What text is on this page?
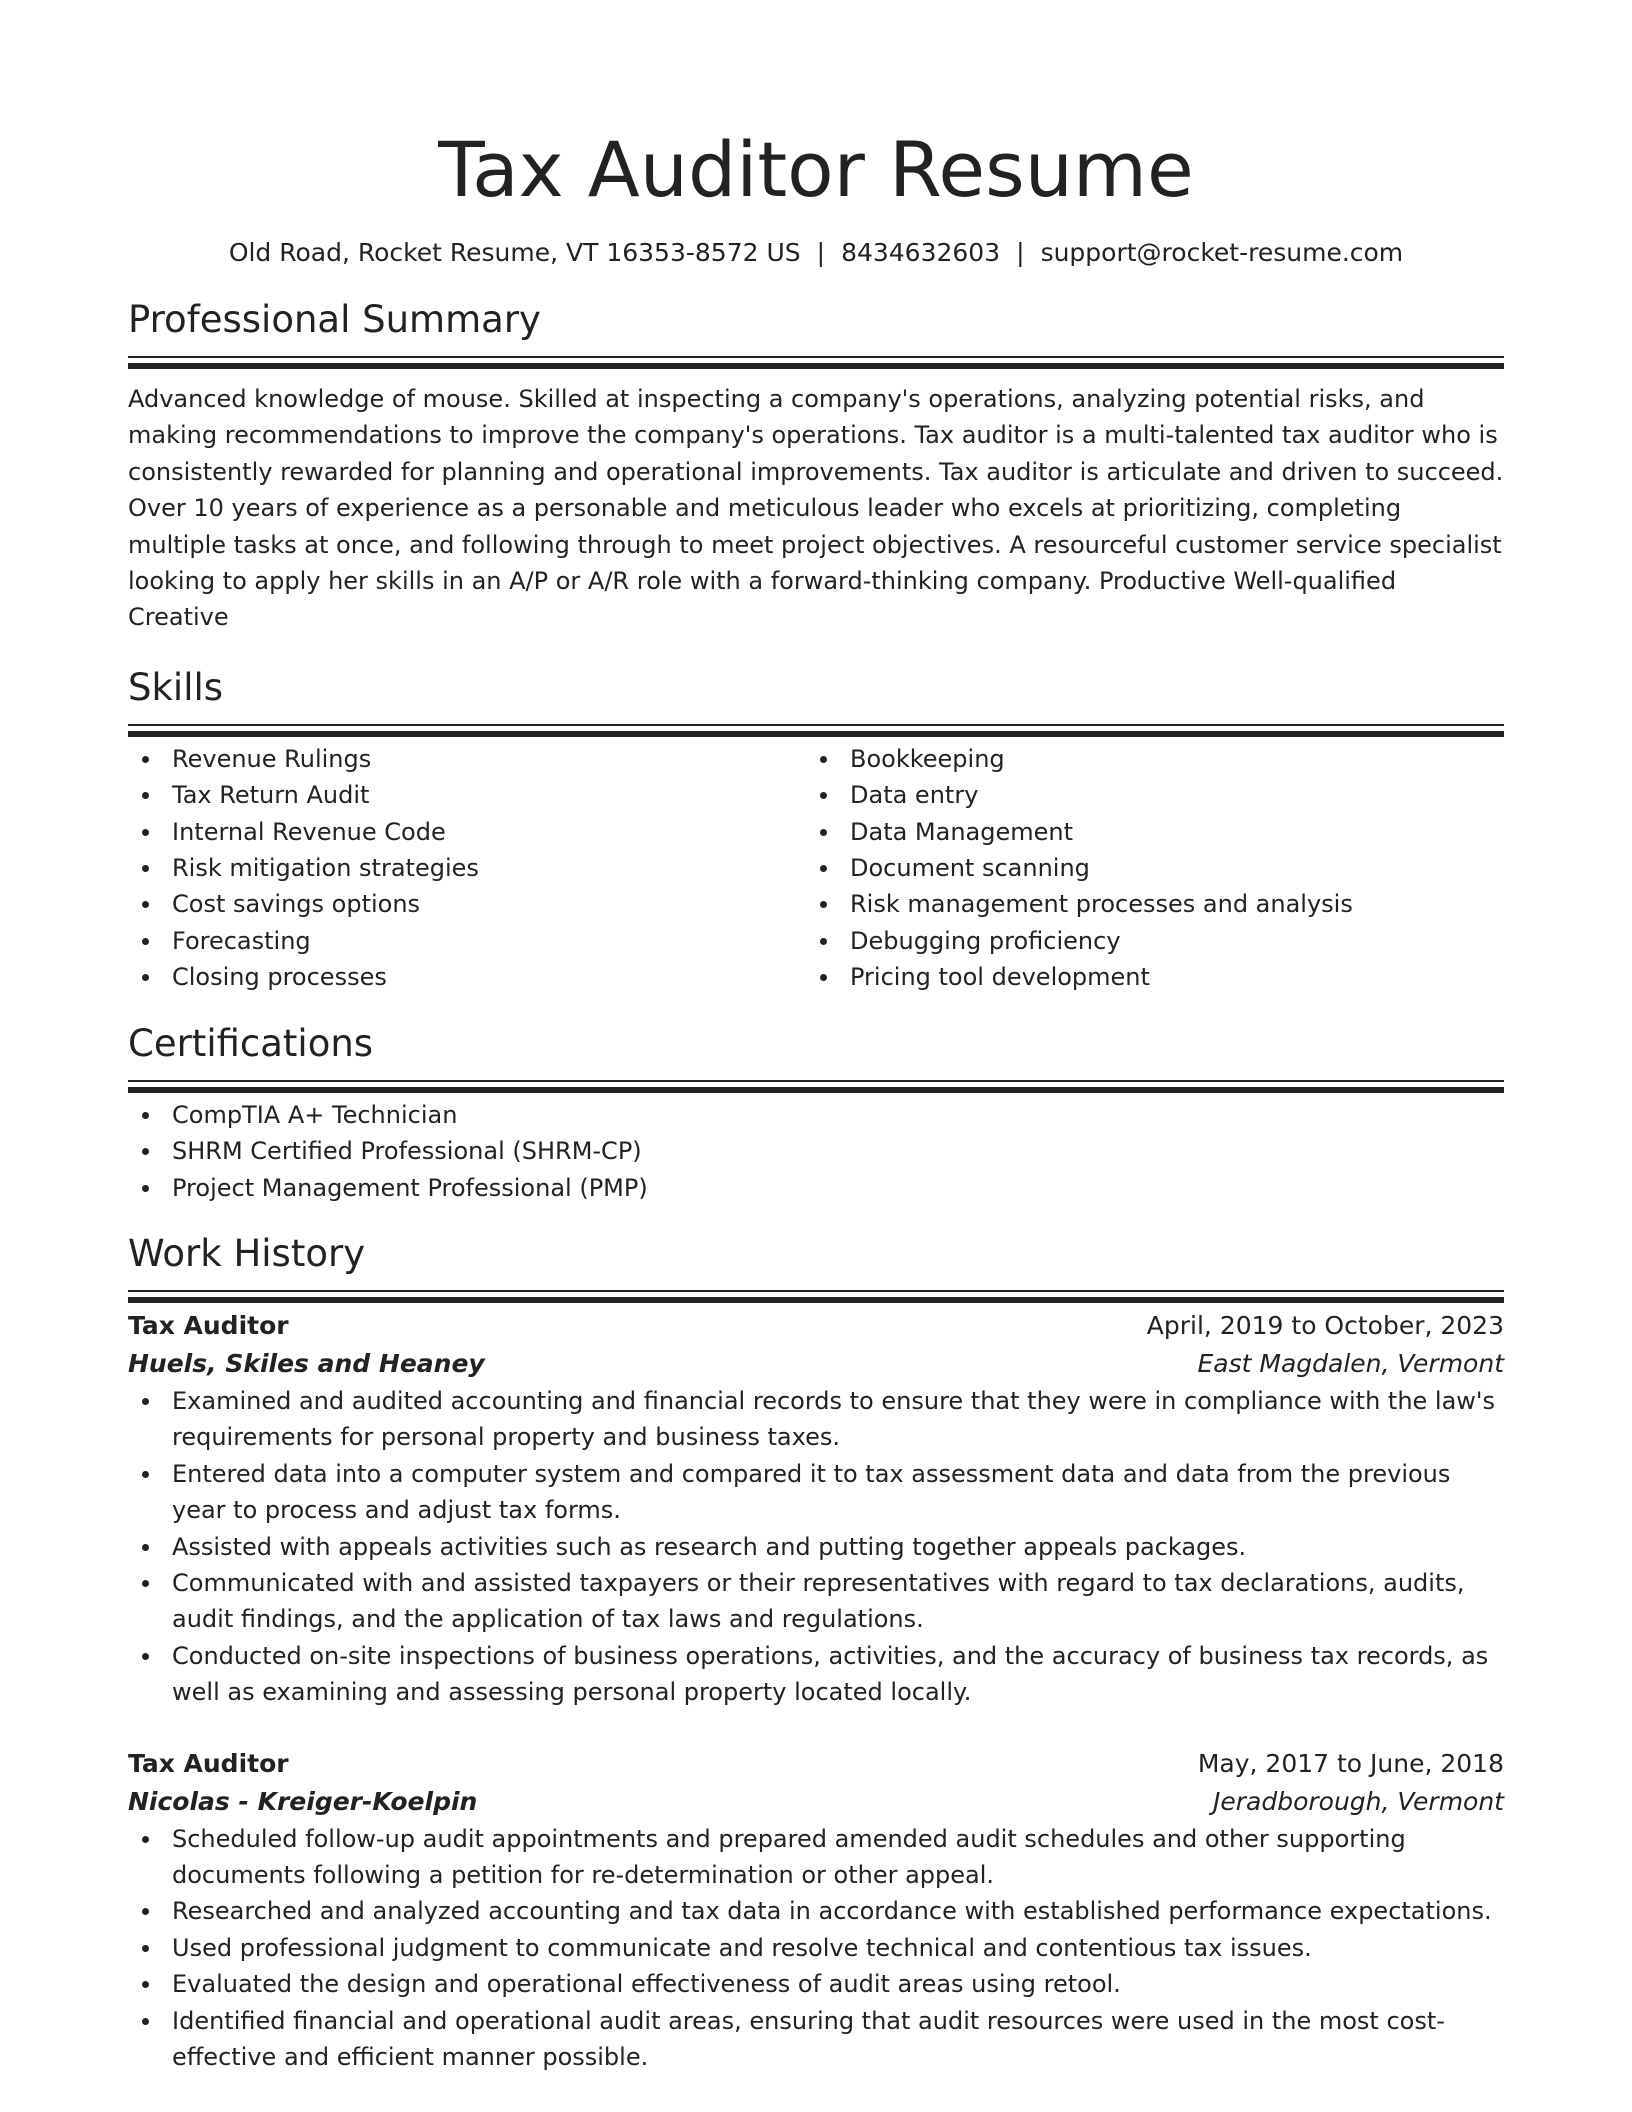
Tax Auditor Resume
Old Road, Rocket Resume, VT 16353-8572 US | 8434632603 | support@rocket-resume.com
Professional Summary

Advanced knowledge of mouse. Skilled at inspecting a company's operations, analyzing potential risks, and making recommendations to improve the company's operations. Tax auditor is a multi-talented tax auditor who is consistently rewarded for planning and operational improvements. Tax auditor is articulate and driven to succeed. Over 10 years of experience as a personable and meticulous leader who excels at prioritizing, completing multiple tasks at once, and following through to meet project objectives. A resourceful customer service specialist looking to apply her skills in an A/P or A/R role with a forward-thinking company. Productive Well-qualified Creative

Skills
Revenue Rulings
Tax Return Audit
Internal Revenue Code
Risk mitigation strategies
Cost savings options
Forecasting
Closing processes
Bookkeeping
Data entry
Data Management
Document scanning
Risk management processes and analysis
Debugging proficiency
Pricing tool development
Certifications
CompTIA A+ Technician
SHRM Certified Professional (SHRM-CP)
Project Management Professional (PMP)
Work History
Tax Auditor	April, 2019 to October, 2023
Huels, Skiles and Heaney	East Magdalen, Vermont
Examined and audited accounting and financial records to ensure that they were in compliance with the law's requirements for personal property and business taxes.
Entered data into a computer system and compared it to tax assessment data and data from the previous year to process and adjust tax forms.
Assisted with appeals activities such as research and putting together appeals packages.
Communicated with and assisted taxpayers or their representatives with regard to tax declarations, audits, audit findings, and the application of tax laws and regulations.
Conducted on-site inspections of business operations, activities, and the accuracy of business tax records, as well as examining and assessing personal property located locally.
Tax Auditor	May, 2017 to June, 2018
Nicolas - Kreiger-Koelpin	Jeradborough, Vermont
Scheduled follow-up audit appointments and prepared amended audit schedules and other supporting documents following a petition for re-determination or other appeal.
Researched and analyzed accounting and tax data in accordance with established performance expectations.
Used professional judgment to communicate and resolve technical and contentious tax issues.
Evaluated the design and operational effectiveness of audit areas using retool.
Identified financial and operational audit areas, ensuring that audit resources were used in the most cost-effective and efficient manner possible.
